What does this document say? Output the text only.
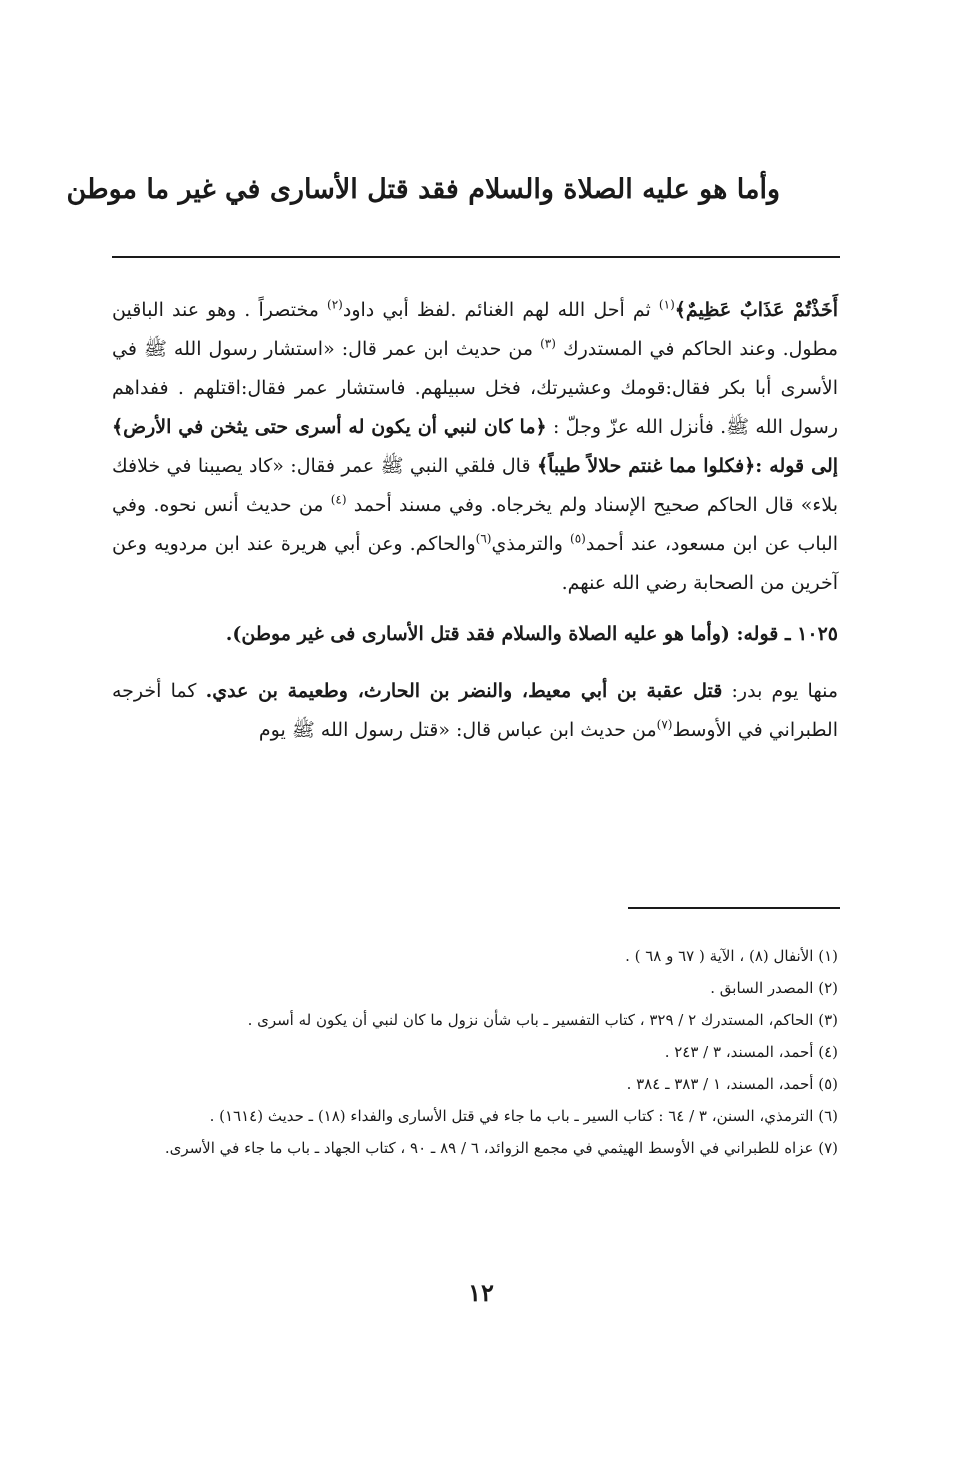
وأما هو عليه الصلاة والسلام فقد قتل الأسارى في غير ما موطن

أَخَذْتُمْ عَذَابٌ عَظِيمٌ﴾$^{(١)}$ ثم أحل الله لهم الغنائم .لفظ أبي داود$^{(٢)}$ مختصراً . وهو عند الباقين مطول. وعند الحاكم في المستدرك $^{(٣)}$ من حديث ابن عمر قال: «استشار رسول الله ﷺ في الأسرى أبا بكر فقال:قومك وعشيرتك، فخل سبيلهم. فاستشار عمر فقال:اقتلهم . ففداهم رسول الله ﷺ. فأنزل الله عزّ وجلّ : ﴿ما كان لنبي أن يكون له أسرى حتى يثخن في الأرض﴾ إلى قوله :﴿فكلوا مما غنتم حلالاً طيباً﴾ قال فلقي النبي ﷺ عمر فقال: «كاد يصيبنا في خلافك بلاء» قال الحاكم صحيح الإسناد ولم يخرجاه. وفي مسند أحمد $^{(٤)}$ من حديث أنس نحوه. وفي الباب عن ابن مسعود، عند أحمد$^{(٥)}$ والترمذي$^{(٦)}$والحاكم. وعن أبي هريرة عند ابن مردويه وعن آخرين من الصحابة رضي الله عنهم.

١٠٢٥ ـ قوله: (وأما هو عليه الصلاة والسلام فقد قتل الأسارى فى غير موطن).

منها يوم بدر: قتل عقبة بن أبي معيط، والنضر بن الحارث، وطعيمة بن عدي. كما أخرجه الطبراني في الأوسط$^{(٧)}$من حديث ابن عباس قال: «قتل رسول الله ﷺ يوم

(١) الأنفال (٨) ، الآية ( ٦٧ و ٦٨ ) .

(٢) المصدر السابق .

(٣) الحاكم، المستدرك ٢ / ٣٢٩ ، كتاب التفسير ـ باب شأن نزول ما كان لنبي أن يكون له أسرى .

(٤) أحمد، المسند، ٣ / ٢٤٣ .

(٥) أحمد، المسند، ١ / ٣٨٣ ـ ٣٨٤ .

(٦) الترمذي، السنن، ٣ / ٦٤ : كتاب السير ـ باب ما جاء في قتل الأسارى والفداء (١٨) ـ حديث (١٦١٤) .

(٧) عزاه للطبراني في الأوسط الهيثمي في مجمع الزوائد، ٦ / ٨٩ ـ ٩٠ ، كتاب الجهاد ـ باب ما جاء في الأسرى.

١٢
